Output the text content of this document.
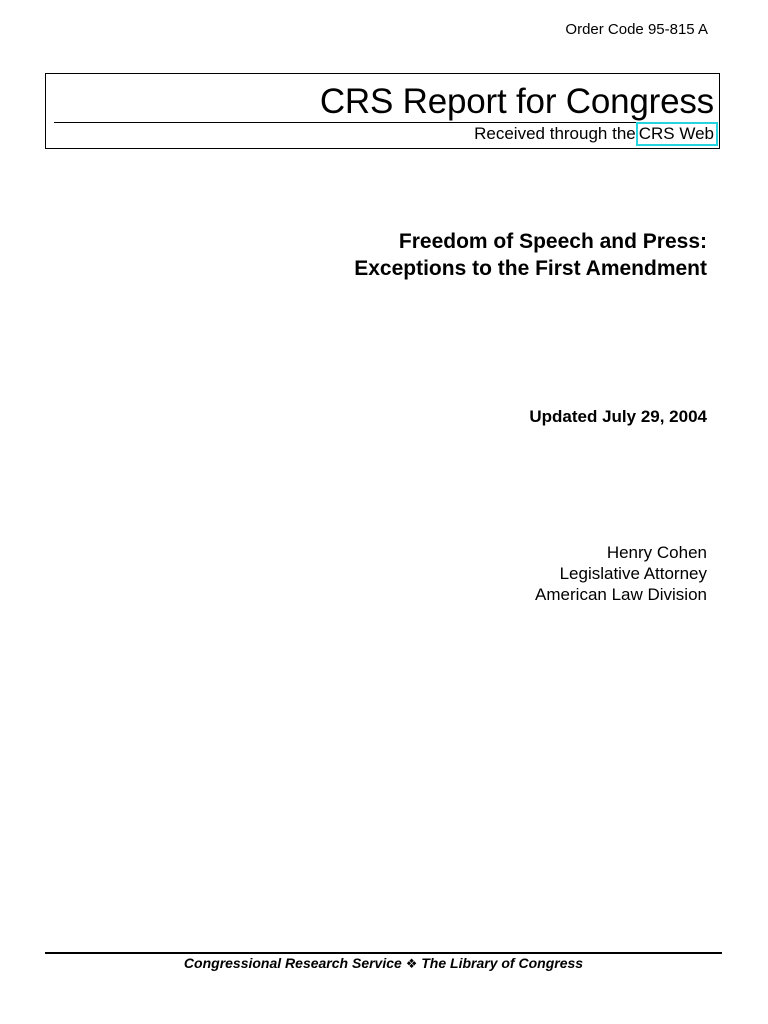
Order Code 95-815 A
CRS Report for Congress
Received through the CRS Web
Freedom of Speech and Press:
Exceptions to the First Amendment
Updated July 29, 2004
Henry Cohen
Legislative Attorney
American Law Division
Congressional Research Service ❖ The Library of Congress
